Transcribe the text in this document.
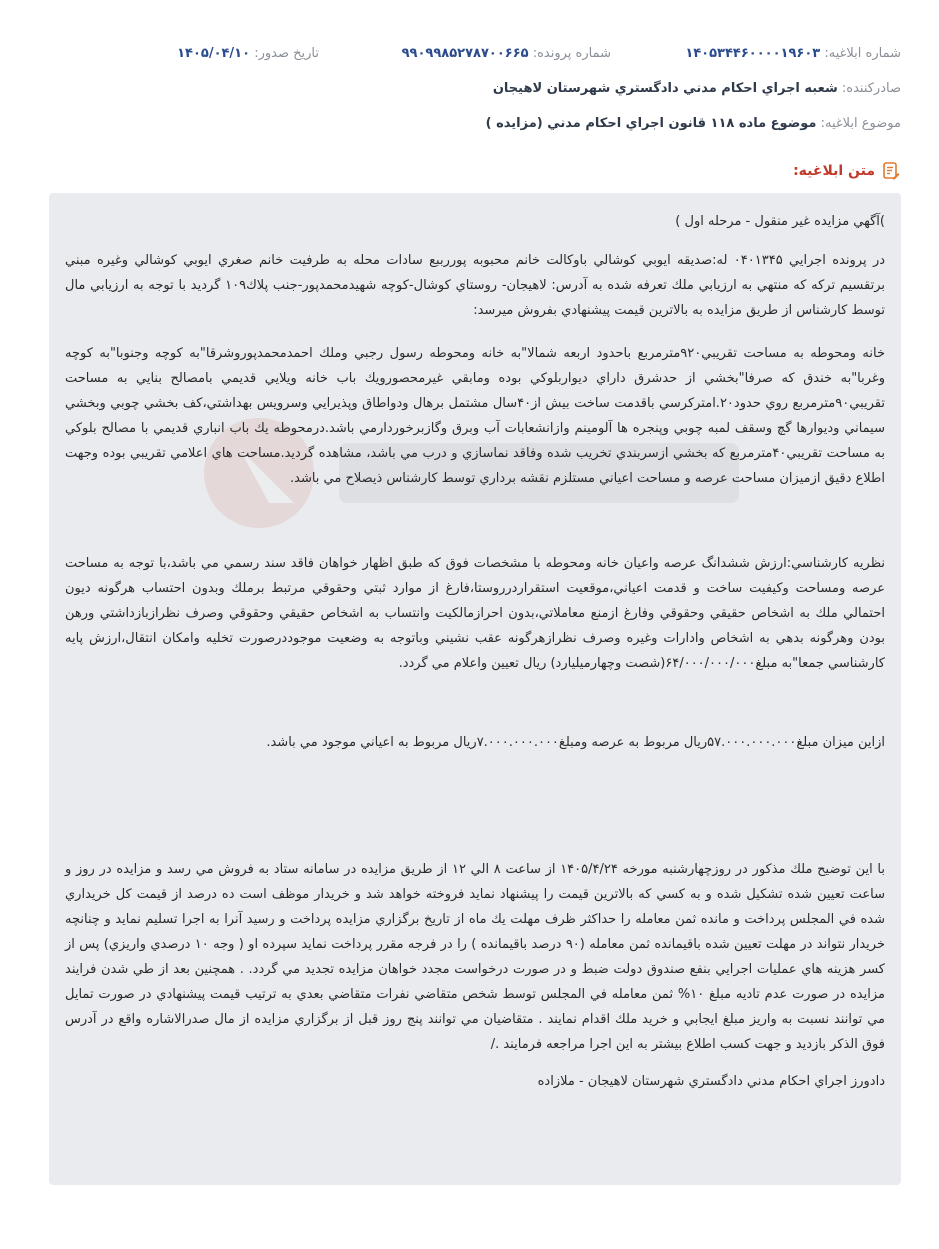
شماره ابلاغیه: ۱۴۰۵۳۴۴۶۰۰۰۰۱۹۶۰۳
شماره پرونده: ۹۹۰۹۹۸۵۲۷۸۷۰۰۶۶۵
تاریخ صدور: ۱۴۰۵/۰۴/۱۰
صادرکننده: شعبه اجراي احكام مدني دادگستري شهرستان لاهيجان
موضوع ابلاغیه: موضوع ماده ۱۱۸ قانون اجراي احكام مدني (مزايده )
متن ابلاغیه:

)آگهي مزايده غير منقول - مرحله اول )

در پرونده اجرايي ۰۴۰۱۳۴۵ له:صديقه ايوبي كوشالي باوكالت خانم محبوبه پوررببع سادات محله به طرفيت خانم صغري ايوبي كوشالي وغيره مبني برتقسيم تركه كه منتهي به ارزيابي ملك تعرفه شده به آدرس: لاهيجان- روستاي كوشال-كوچه شهيدمحمدپور-جنب پلاك۱۰۹ گرديد با توجه به ارزيابي مال توسط كارشناس از طريق مزايده به بالاترين قيمت پيشنهادي بفروش ميرسد:

خانه ومحوطه به مساحت تقريبي۹۲۰مترمربع باحدود اربعه شمالا"به خانه ومحوطه رسول رجبي وملك احمدمحمدپوروشرقا"به كوچه وجنوبا"به كوچه وغربا"به خندق كه صرفا"بخشي از حدشرق داراي ديواربلوكي بوده ومابقي غيرمحصورويك باب خانه ويلايي قديمي بامصالح بنايي به مساحت تقريبي۹۰مترمربع روي حدود۲۰.امتركرسي باقدمت ساخت بيش از۴۰سال مشتمل برهال ودواطاق وپذيرايي وسرويس بهداشتي،كف بخشي چوبي وبخشي سيماني وديوارها گچ وسقف لمبه چوبي وپنجره ها آلومينم وازانشعابات آب وبرق وگازبرخوردارمي باشد.درمحوطه يك باب انباري قديمي با مصالح بلوكي به مساحت تقريبي۴۰مترمربع كه بخشي ازسربندي تخريب شده وفاقد نماسازي و درب مي باشد، مشاهده گرديد.مساحت هاي اعلامي تقريبي بوده وجهت اطلاع دقيق ازميزان مساحت عرصه و مساحت اعياني مستلزم نقشه برداري توسط كارشناس ذيصلاح مي باشد.

نظريه كارشناسي:ارزش ششدانگ عرصه واعيان خانه ومحوطه با مشخصات فوق كه طبق اظهار خواهان فاقد سند رسمي مي باشد،با توجه به مساحت عرصه ومساحت وكيفيت ساخت و قدمت اعياني،موقعيت استقراردرروستا،فارغ از موارد ثبتي وحقوقي مرتبط برملك وبدون احتساب هرگونه ديون احتمالي ملك به اشخاص حقيقي وحقوقي وفارغ ازمنع معاملاتي،بدون احرازمالكيت وانتساب به اشخاص حقيقي وحقوقي وصرف نظرازبازداشتي ورهن بودن وهرگونه بدهي به اشخاص وادارات وغيره وصرف نظرازهرگونه عقب نشيني وباتوجه به وضعيت موجوددرصورت تخليه وامكان انتقال،ارزش پايه كارشناسي جمعا"به مبلغ۶۴/۰۰۰/۰۰۰/۰۰۰(شصت وچهارميليارد) ريال تعيين واعلام مي گردد.

ازاين ميزان مبلغ۵۷.۰۰۰.۰۰۰.۰۰۰ريال مربوط به عرصه ومبلغ۷.۰۰۰.۰۰۰.۰۰۰ريال مربوط به اعياني موجود مي باشد.

با اين توضيح ملك مذكور در روزچهارشنبه مورخه ۱۴۰۵/۴/۲۴ از ساعت ۸ الي ۱۲ از طريق مزايده در سامانه ستاد به فروش مي رسد و مزايده در روز و ساعت تعيين شده تشكيل شده و به كسي كه بالاترين قيمت را پيشنهاد نمايد فروخته خواهد شد و خريدار موظف است ده درصد از قيمت كل خريداري شده في المجلس پرداخت و مانده ثمن معامله را حداكثر ظرف مهلت يك ماه از تاريخ برگزاري مزايده پرداخت و رسيد آنرا به اجرا تسليم نمايد و چنانچه خريدار نتواند در مهلت تعيين شده باقيمانده ثمن معامله (۹۰ درصد باقيمانده ) را در فرجه مقرر پرداخت نمايد سپرده او ( وجه ۱۰ درصدي واريزي) پس از كسر هزينه هاي عمليات اجرايي بنفع صندوق دولت ضبط و در صورت درخواست مجدد خواهان مزايده تجديد مي گردد. . همچنين بعد از طي شدن فرايند مزايده در صورت عدم تاديه مبلغ ۱۰% ثمن معامله في المجلس توسط شخص متقاضي نفرات متقاضي بعدي به ترتيب قيمت پيشنهادي در صورت تمايل مي توانند نسبت به واريز مبلغ ايجابي و خريد ملك اقدام نمايند . متقاضيان مي توانند پنج روز قبل از برگزاري مزايده از مال صدرالاشاره واقع در آدرس فوق الذكر بازديد و جهت كسب اطلاع بيشتر به اين اجرا مراجعه فرمايند ./

دادورز اجراي احكام مدني دادگستري شهرستان لاهيجان - ملازاده
